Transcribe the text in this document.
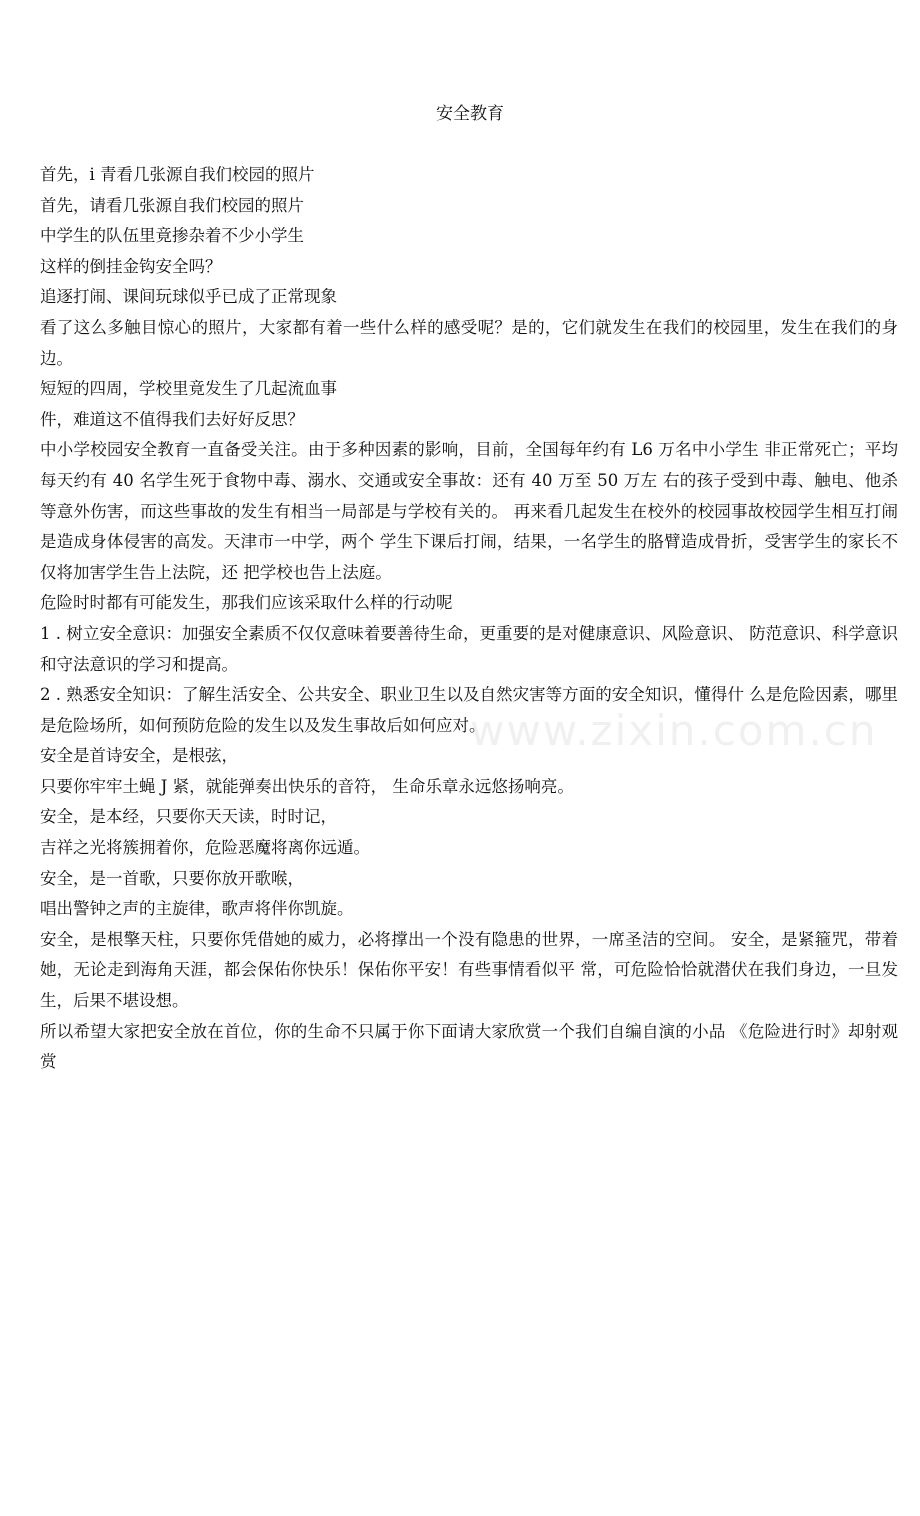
www.zixin.com.cn
安全教育

首先，i 青看几张源自我们校园的照片

首先，请看几张源自我们校园的照片

中学生的队伍里竟掺杂着不少小学生

这样的倒挂金钩安全吗？

追逐打闹、课间玩球似乎已成了正常现象

看了这么多触目惊心的照片，大家都有着一些什么样的感受呢？是的，它们就发生在我们的校园里，发生在我们的身边。

短短的四周，学校里竟发生了几起流血事

件，难道这不值得我们去好好反思？

中小学校园安全教育一直备受关注。由于多种因素的影响，目前，全国每年约有 L6 万名中小学生 非正常死亡；平均每天约有 40 名学生死于食物中毒、溺水、交通或安全事故：还有 40 万至 50 万左 右的孩子受到中毒、触电、他杀等意外伤害，而这些事故的发生有相当一局部是与学校有关的。 再来看几起发生在校外的校园事故校园学生相互打闹是造成身体侵害的高发。天津市一中学，两个 学生下课后打闹，结果，一名学生的胳臂造成骨折，受害学生的家长不仅将加害学生告上法院，还 把学校也告上法庭。

危险时时都有可能发生，那我们应该采取什么样的行动呢

1 . 树立安全意识：加强安全素质不仅仅意味着要善待生命，更重要的是对健康意识、风险意识、 防范意识、科学意识和守法意识的学习和提高。

2 . 熟悉安全知识：了解生活安全、公共安全、职业卫生以及自然灾害等方面的安全知识，懂得什 么是危险因素，哪里是危险场所，如何预防危险的发生以及发生事故后如何应对。

安全是首诗安全，是根弦，

只要你牢牢土蝇 J 紧，就能弹奏出快乐的音符， 生命乐章永远悠扬响亮。

安全，是本经，只要你天天读，时时记，

吉祥之光将簇拥着你，危险恶魔将离你远遁。

安全，是一首歌，只要你放开歌喉，

唱出警钟之声的主旋律，歌声将伴你凯旋。

安全，是根擎天柱，只要你凭借她的威力，必将撑出一个没有隐患的世界，一席圣洁的空间。 安全，是紧箍咒，带着她，无论走到海角天涯，都会保佑你快乐！保佑你平安！有些事情看似平 常，可危险恰恰就潜伏在我们身边，一旦发生，后果不堪设想。

所以希望大家把安全放在首位，你的生命不只属于你下面请大家欣赏一个我们自编自演的小品 《危险进行时》却射观赏
